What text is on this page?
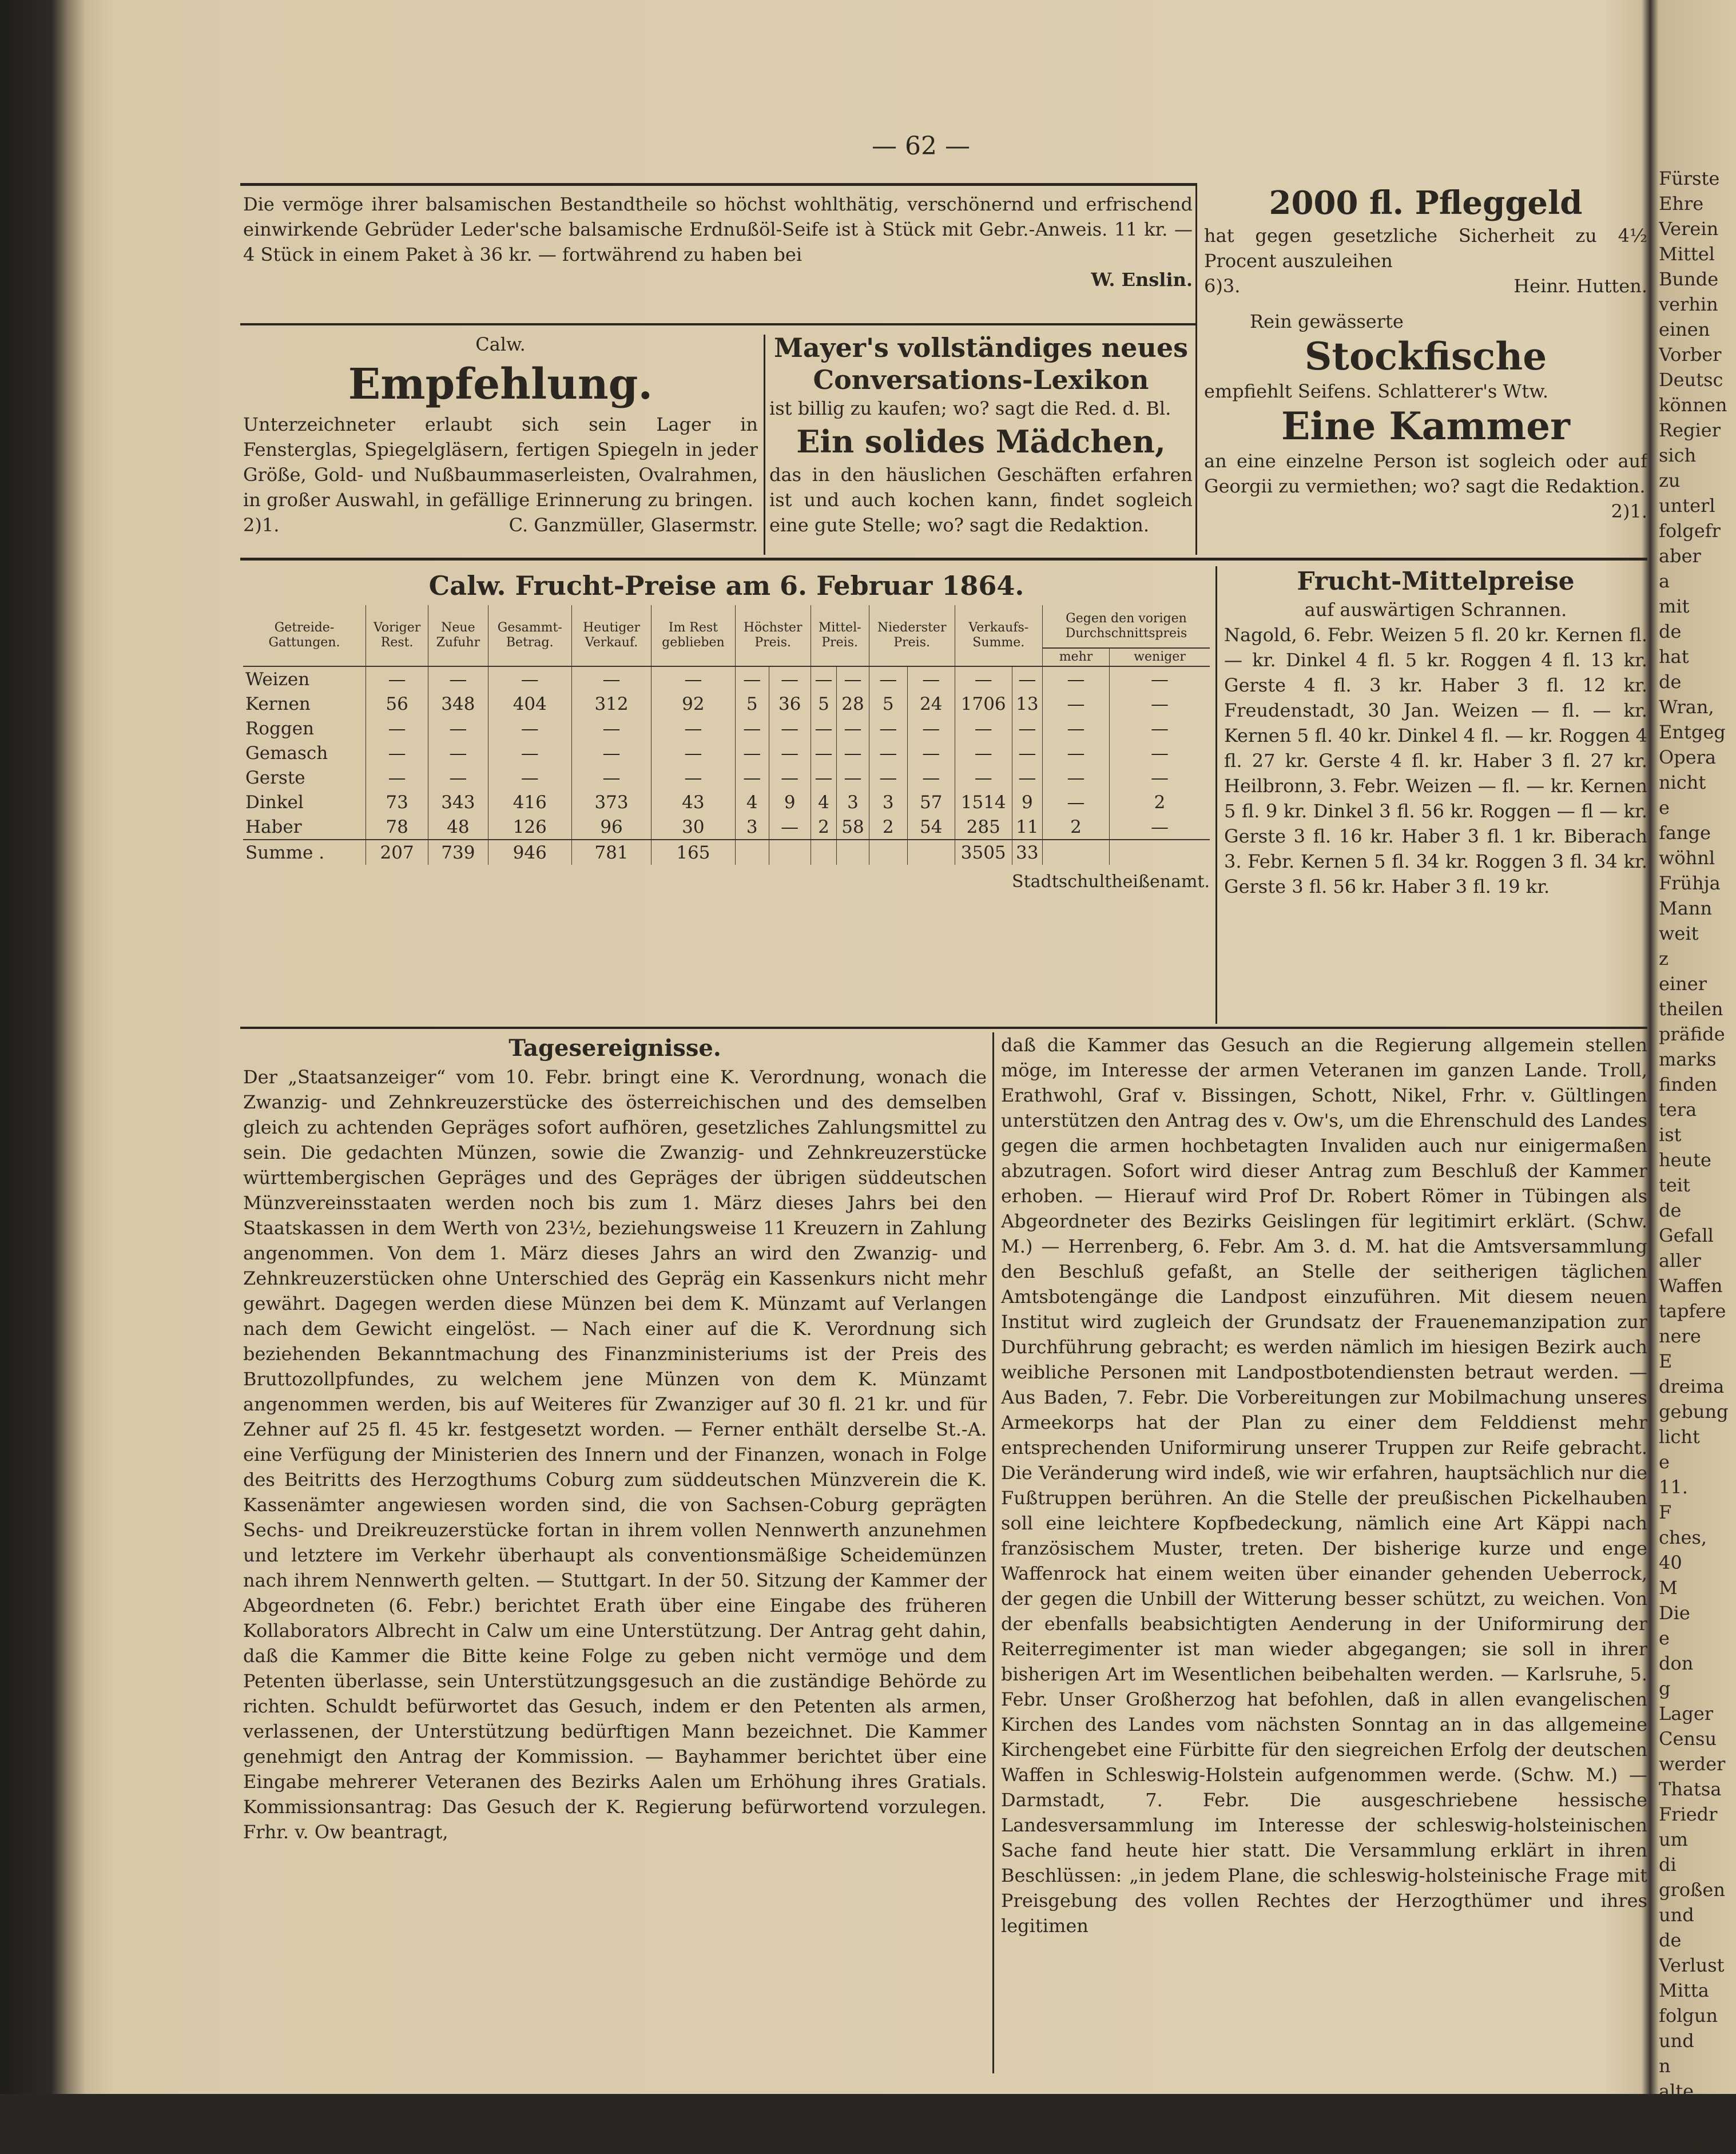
— 62 —

Die vermöge ihrer balsamischen Bestandtheile so höchst wohlthätig, verschönernd und erfrischend einwirkende Gebrüder Leder'sche balsamische Erdnußöl-Seife ist à Stück mit Gebr.-Anweis. 11 kr. — 4 Stück in einem Paket à 36 kr. — fortwährend zu haben bei

W. Enslin.

2000 fl. Pfleggeld

hat gegen gesetzliche Sicherheit zu 4½ Procent auszuleihen

6)3.	Heinr. Hutten.

Calw.

Empfehlung.

Unterzeichneter erlaubt sich sein Lager in Fensterglas, Spiegelgläsern, fertigen Spiegeln in jeder Größe, Gold- und Nußbaummaserleisten, Ovalrahmen, in großer Auswahl, in gefällige Erinnerung zu bringen.

2)1.	C. Ganzmüller, Glasermstr.

Mayer's vollständiges neues Conversations-Lexikon

ist billig zu kaufen; wo? sagt die Red. d. Bl.

Ein solides Mädchen,

das in den häuslichen Geschäften erfahren ist und auch kochen kann, findet sogleich eine gute Stelle; wo? sagt die Redaktion.

Rein gewässerte

Stockfische

empfiehlt Seifens. Schlatterer's Wtw.

Eine Kammer

an eine einzelne Person ist sogleich oder auf Georgii zu vermiethen; wo? sagt die Redaktion.

2)1.

Calw. Frucht-Preise am 6. Februar 1864.

Getreide-Gattungen.	Voriger Rest.	Neue Zufuhr	Gesammt-Betrag.	Heutiger Verkauf.	Im Rest geblieben	Höchster Preis.		Mittel-Preis.		Niederster Preis.		Verkaufs-Summe.		Gegen den vorigen Durchschnittspreis	
														mehr	weniger
Weizen	—	—	—	—	—	—	—	—	—	—	—	—	—	—	—
Kernen	56	348	404	312	92	5	36	5	28	5	24	1706	13	—	—
Roggen	—	—	—	—	—	—	—	—	—	—	—	—	—	—	—
Gemasch	—	—	—	—	—	—	—	—	—	—	—	—	—	—	—
Gerste	—	—	—	—	—	—	—	—	—	—	—	—	—	—	—
Dinkel	73	343	416	373	43	4	9	4	3	3	57	1514	9	—	2
Haber	78	48	126	96	30	3	—	2	58	2	54	285	11	2	—
Summe .	207	739	946	781	165							3505	33		

Stadtschultheißenamt.

Frucht-Mittelpreise

auf auswärtigen Schrannen.

Nagold, 6. Febr. Weizen 5 fl. 20 kr. Kernen fl. — kr. Dinkel 4 fl. 5 kr. Roggen 4 fl. 13 kr. Gerste 4 fl. 3 kr. Haber 3 fl. 12 kr. Freudenstadt, 30 Jan. Weizen — fl. — kr. Kernen 5 fl. 40 kr. Dinkel 4 fl. — kr. Roggen 4 fl. 27 kr. Gerste 4 fl. kr. Haber 3 fl. 27 kr. Heilbronn, 3. Febr. Weizen — fl. — kr. Kernen 5 fl. 9 kr. Dinkel 3 fl. 56 kr. Roggen — fl — kr. Gerste 3 fl. 16 kr. Haber 3 fl. 1 kr. Biberach 3. Febr. Kernen 5 fl. 34 kr. Roggen 3 fl. 34 kr. Gerste 3 fl. 56 kr. Haber 3 fl. 19 kr.

Tagesereignisse.

Der „Staatsanzeiger“ vom 10. Febr. bringt eine K. Verordnung, wonach die Zwanzig- und Zehnkreuzerstücke des österreichischen und des demselben gleich zu achtenden Gepräges sofort aufhören, gesetzliches Zahlungsmittel zu sein. Die gedachten Münzen, sowie die Zwanzig- und Zehnkreuzerstücke württembergischen Gepräges und des Gepräges der übrigen süddeutschen Münzvereinsstaaten werden noch bis zum 1. März dieses Jahrs bei den Staatskassen in dem Werth von 23½, beziehungsweise 11 Kreuzern in Zahlung angenommen. Von dem 1. März dieses Jahrs an wird den Zwanzig- und Zehnkreuzerstücken ohne Unterschied des Gepräg ein Kassenkurs nicht mehr gewährt. Dagegen werden diese Münzen bei dem K. Münzamt auf Verlangen nach dem Gewicht eingelöst. — Nach einer auf die K. Verordnung sich beziehenden Bekanntmachung des Finanzministeriums ist der Preis des Bruttozollpfundes, zu welchem jene Münzen von dem K. Münzamt angenommen werden, bis auf Weiteres für Zwanziger auf 30 fl. 21 kr. und für Zehner auf 25 fl. 45 kr. festgesetzt worden. — Ferner enthält derselbe St.-A. eine Verfügung der Ministerien des Innern und der Finanzen, wonach in Folge des Beitritts des Herzogthums Coburg zum süddeutschen Münzverein die K. Kassenämter angewiesen worden sind, die von Sachsen-Coburg geprägten Sechs- und Dreikreuzerstücke fortan in ihrem vollen Nennwerth anzunehmen und letztere im Verkehr überhaupt als conventionsmäßige Scheidemünzen nach ihrem Nennwerth gelten. — Stuttgart. In der 50. Sitzung der Kammer der Abgeordneten (6. Febr.) berichtet Erath über eine Eingabe des früheren Kollaborators Albrecht in Calw um eine Unterstützung. Der Antrag geht dahin, daß die Kammer die Bitte keine Folge zu geben nicht vermöge und dem Petenten überlasse, sein Unterstützungsgesuch an die zuständige Behörde zu richten. Schuldt befürwortet das Gesuch, indem er den Petenten als armen, verlassenen, der Unterstützung bedürftigen Mann bezeichnet. Die Kammer genehmigt den Antrag der Kommission. — Bayhammer berichtet über eine Eingabe mehrerer Veteranen des Bezirks Aalen um Erhöhung ihres Gratials. Kommissionsantrag: Das Gesuch der K. Regierung befürwortend vorzulegen. Frhr. v. Ow beantragt,

daß die Kammer das Gesuch an die Regierung allgemein stellen möge, im Interesse der armen Veteranen im ganzen Lande. Troll, Erathwohl, Graf v. Bissingen, Schott, Nikel, Frhr. v. Gültlingen unterstützen den Antrag des v. Ow's, um die Ehrenschuld des Landes gegen die armen hochbetagten Invaliden auch nur einigermaßen abzutragen. Sofort wird dieser Antrag zum Beschluß der Kammer erhoben. — Hierauf wird Prof Dr. Robert Römer in Tübingen als Abgeordneter des Bezirks Geislingen für legitimirt erklärt. (Schw. M.) — Herrenberg, 6. Febr. Am 3. d. M. hat die Amtsversammlung den Beschluß gefaßt, an Stelle der seitherigen täglichen Amtsbotengänge die Landpost einzuführen. Mit diesem neuen Institut wird zugleich der Grundsatz der Frauenemanzipation zur Durchführung gebracht; es werden nämlich im hiesigen Bezirk auch weibliche Personen mit Landpostbotendiensten betraut werden. — Aus Baden, 7. Febr. Die Vorbereitungen zur Mobilmachung unseres Armeekorps hat der Plan zu einer dem Felddienst mehr entsprechenden Uniformirung unserer Truppen zur Reife gebracht. Die Veränderung wird indeß, wie wir erfahren, hauptsächlich nur die Fußtruppen berühren. An die Stelle der preußischen Pickelhauben soll eine leichtere Kopfbedeckung, nämlich eine Art Käppi nach französischem Muster, treten. Der bisherige kurze und enge Waffenrock hat einem weiten über einander gehenden Ueberrock, der gegen die Unbill der Witterung besser schützt, zu weichen. Von der ebenfalls beabsichtigten Aenderung in der Uniformirung der Reiterregimenter ist man wieder abgegangen; sie soll in ihrer bisherigen Art im Wesentlichen beibehalten werden. — Karlsruhe, 5. Febr. Unser Großherzog hat befohlen, daß in allen evangelischen Kirchen des Landes vom nächsten Sonntag an in das allgemeine Kirchengebet eine Fürbitte für den siegreichen Erfolg der deutschen Waffen in Schleswig-Holstein aufgenommen werde. (Schw. M.) — Darmstadt, 7. Febr. Die ausgeschriebene hessische Landesversammlung im Interesse der schleswig-holsteinischen Sache fand heute hier statt. Die Versammlung erklärt in ihren Beschlüssen: „in jedem Plane, die schleswig-holsteinische Frage mit Preisgebung des vollen Rechtes der Herzogthümer und ihres legitimen

Fürste Ehre Verein Mittel Bunde verhin einen Vorber Deutsc können Regier sich zu unterl folgefr aber a mit de hat de Wran, Entgeg Opera nicht e fange wöhnl Frühja Mann weit z einer theilen präfide marks finden tera ist heute teit de Gefall aller Waffen tapfere nere E dreima gebung licht e 11. F ches, 40 M Die e don g Lager Censu werder Thatsa Friedr um di großen und de Verlust Mitta folgun und n alte S Kupfer
